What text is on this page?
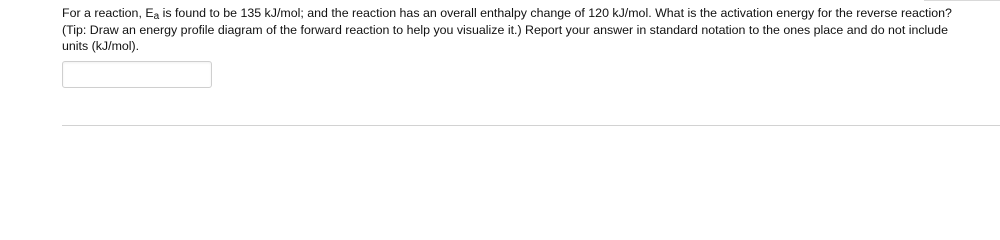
For a reaction, $E_a$ is found to be 135 kJ/mol; and the reaction has an overall enthalpy change of 120 kJ/mol. What is the activation energy for the reverse reaction? (Tip: Draw an energy profile diagram of the forward reaction to help you visualize it.) Report your answer in standard notation to the ones place and do not include units (kJ/mol).
